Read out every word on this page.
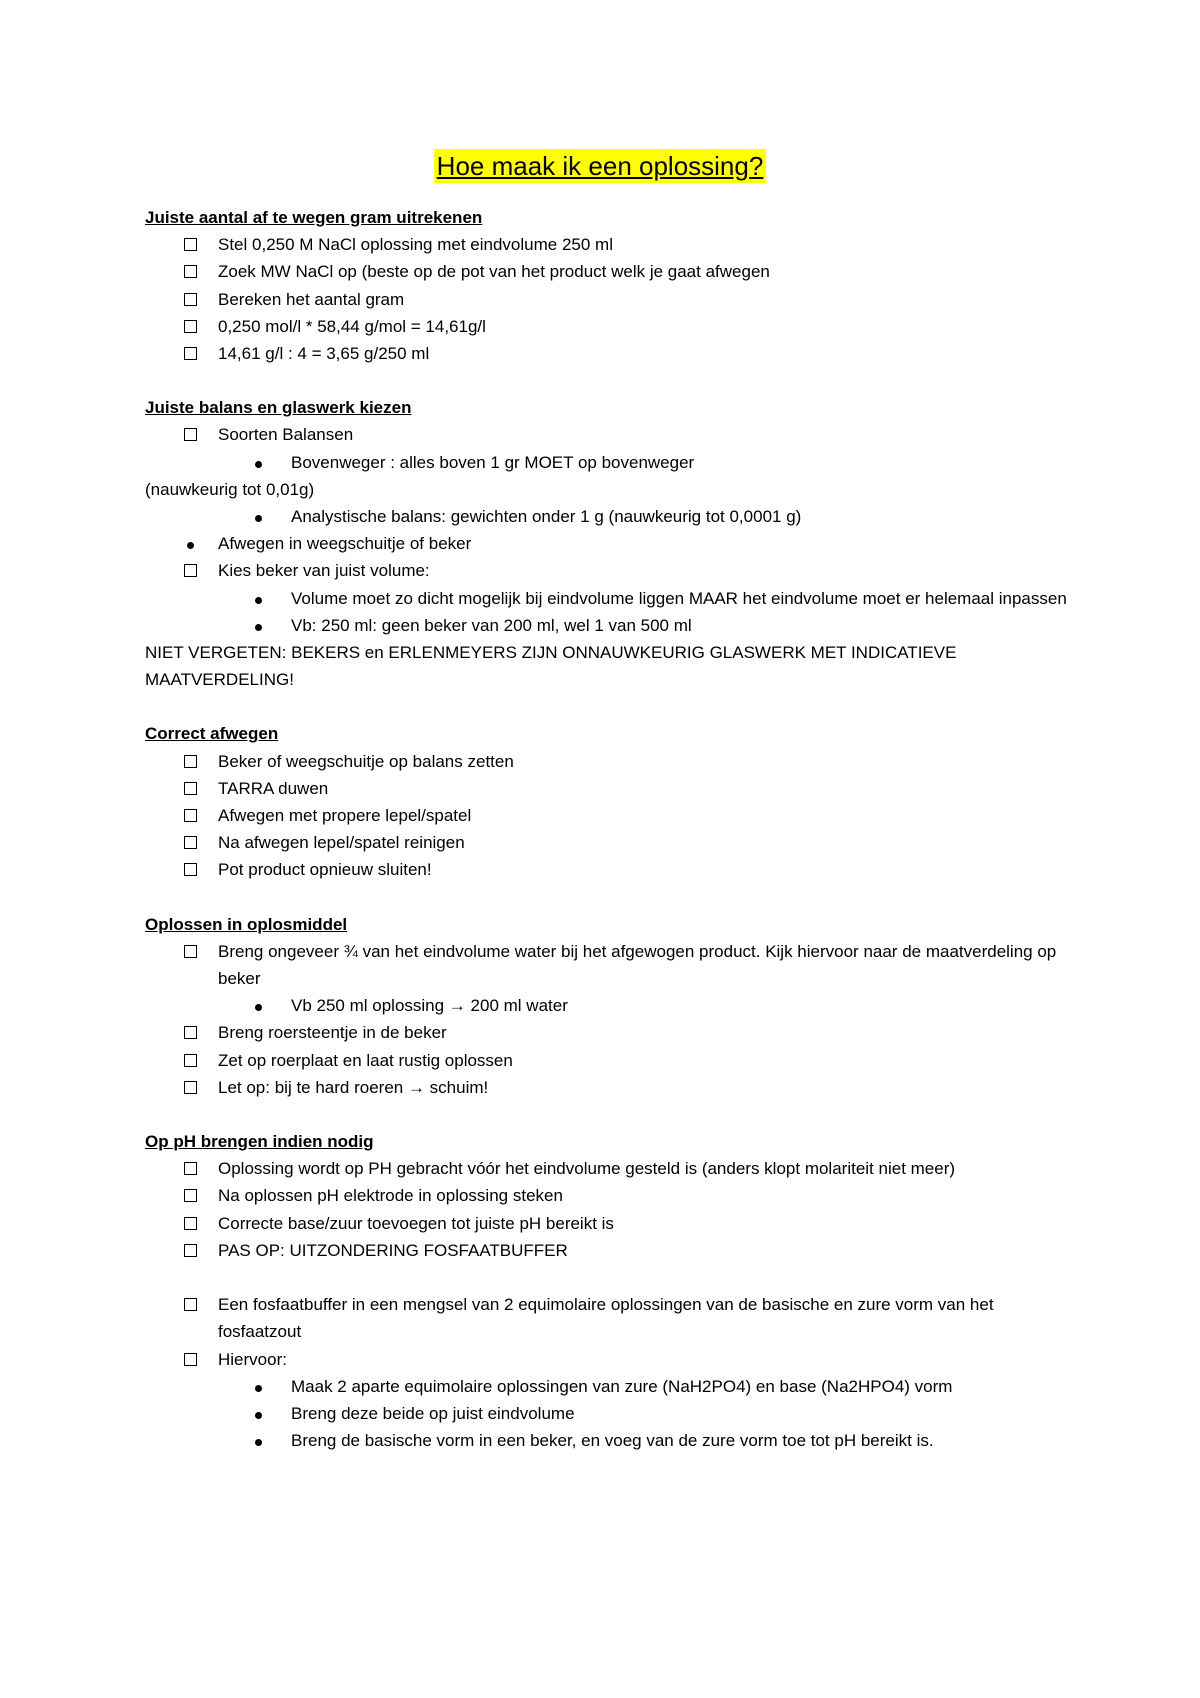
Hoe maak ik een oplossing?
Juiste aantal af te wegen gram uitrekenen
Stel 0,250 M NaCl oplossing met eindvolume 250 ml
Zoek MW NaCl op (beste op de pot van het product welk je gaat afwegen
Bereken het aantal gram
0,250 mol/l * 58,44 g/mol = 14,61g/l
14,61 g/l : 4 = 3,65 g/250 ml
Juiste balans en glaswerk kiezen
Soorten Balansen
Bovenweger : alles boven 1 gr MOET op bovenweger
(nauwkeurig tot 0,01g)
Analystische balans: gewichten onder 1 g (nauwkeurig tot 0,0001 g)
Afwegen in weegschuitje of beker
Kies beker van juist volume:
Volume moet zo dicht mogelijk bij eindvolume liggen MAAR het eindvolume moet er helemaal inpassen
Vb: 250 ml: geen beker van 200 ml, wel 1 van 500 ml
NIET VERGETEN: BEKERS en ERLENMEYERS ZIJN ONNAUWKEURIG GLASWERK MET INDICATIEVE MAATVERDELING!
Correct afwegen
Beker of weegschuitje op balans zetten
TARRA duwen
Afwegen met propere lepel/spatel
Na afwegen lepel/spatel reinigen
Pot product opnieuw sluiten!
Oplossen in oplosmiddel
Breng ongeveer ¾ van het eindvolume water bij het afgewogen product. Kijk hiervoor naar de maatverdeling op beker
Vb 250 ml oplossing → 200 ml water
Breng roersteentje in de beker
Zet op roerplaat en laat rustig oplossen
Let op: bij te hard roeren → schuim!
Op pH brengen indien nodig
Oplossing wordt op PH gebracht vóór het eindvolume gesteld is (anders klopt molariteit niet meer)
Na oplossen pH elektrode in oplossing steken
Correcte base/zuur toevoegen tot juiste pH bereikt is
PAS OP: UITZONDERING FOSFAATBUFFER
Een fosfaatbuffer in een mengsel van 2 equimolaire oplossingen van de basische en zure vorm van het fosfaatzout
Hiervoor:
Maak 2 aparte equimolaire oplossingen van zure (NaH2PO4) en base (Na2HPO4) vorm
Breng deze beide op juist eindvolume
Breng de basische vorm in een beker, en voeg van de zure vorm toe tot pH bereikt is.
